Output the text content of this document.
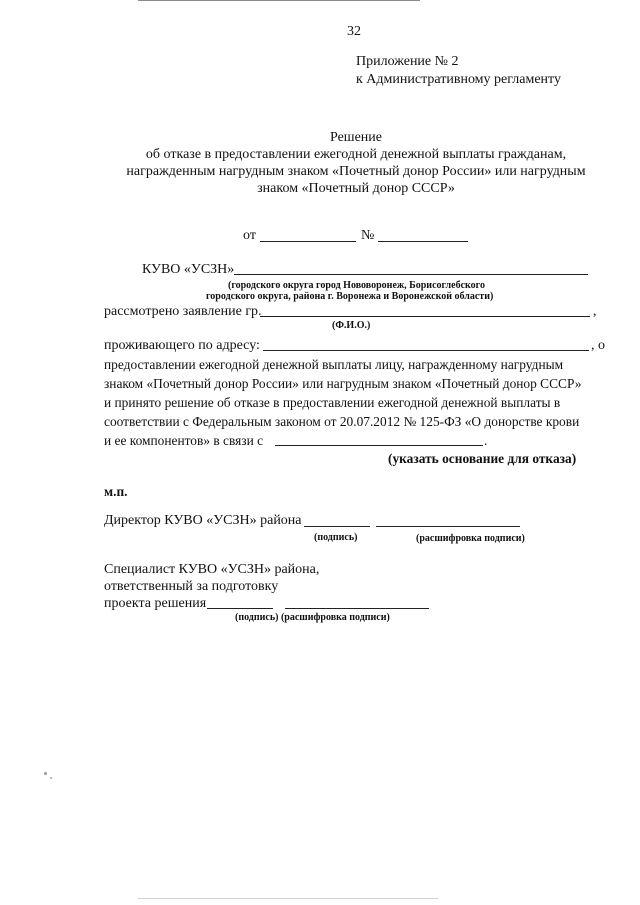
32
Приложение № 2
к Административному регламенту
Решение
об отказе в предоставлении ежегодной денежной выплаты гражданам,
награжденным нагрудным знаком «Почетный донор России» или нагрудным
знаком «Почетный донор СССР»
от	№
КУВО «УСЗН»
(городского округа город Нововоронеж, Борисоглебского
городского округа, района г. Воронежа и Воронежской области)
рассмотрено заявление гр.	,
(Ф.И.О.)
проживающего по адресу:	, о
предоставлении ежегодной денежной выплаты лицу, награжденному нагрудным
знаком «Почетный донор России» или нагрудным знаком «Почетный донор СССР»
и принято решение об отказе в предоставлении ежегодной денежной выплаты в
соответствии с Федеральным законом от 20.07.2012 № 125-ФЗ «О донорстве крови
и ее компонентов» в связи с	.
(указать основание для отказа)
м.п.
Директор КУВО «УСЗН» района
(подпись)	(расшифровка подписи)
Специалист КУВО «УСЗН» района,
ответственный за подготовку
проекта решения
(подпись) (расшифровка подписи)
